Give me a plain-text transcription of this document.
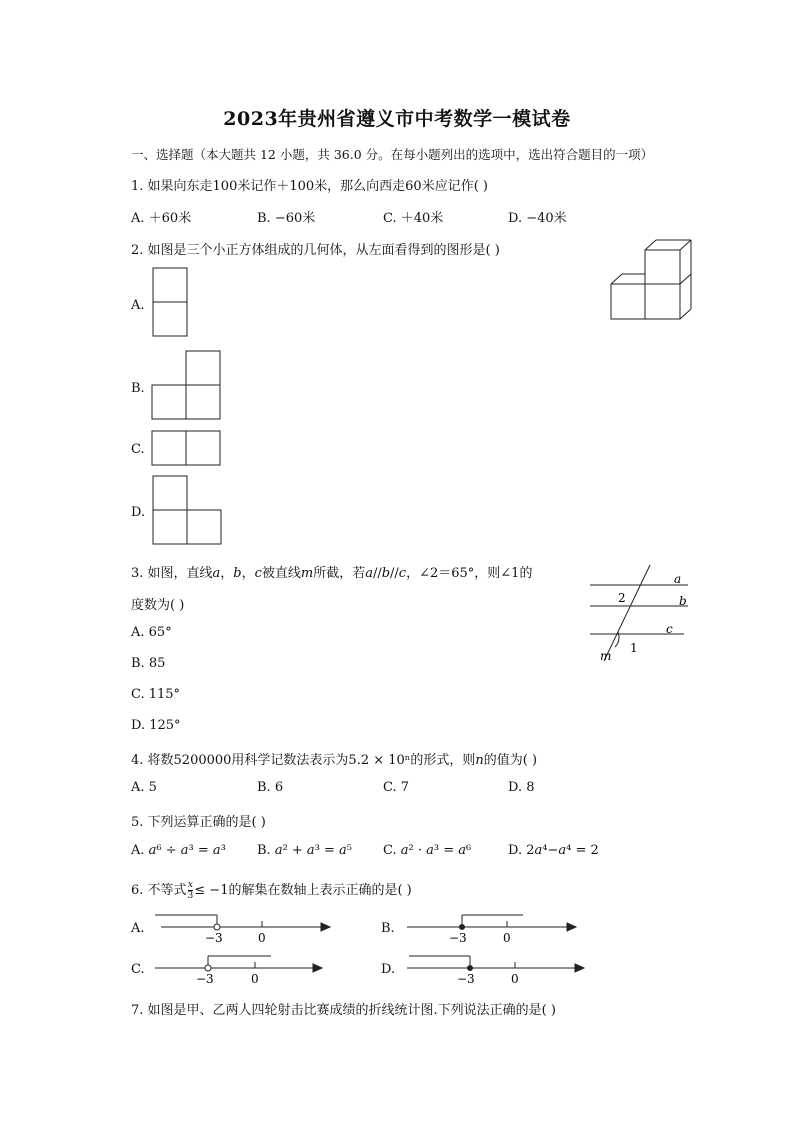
2023年贵州省遵义市中考数学一模试卷
一、选择题（本大题共 12 小题，共 36.0 分。在每小题列出的选项中，选出符合题目的一项）
1. 如果向东走100米记作＋100米，那么向西走60米应记作( )
A. ＋60米	B. −60米	C. ＋40米	D. −40米
2. 如图是三个小正方体组成的几何体，从左面看得到的图形是( )
A.
B.
C.
D.
3. 如图，直线𝑎，𝑏，𝑐被直线𝑚所截，若𝑎//𝑏//𝑐，∠2＝65°，则∠1的
度数为( )
a
b
c
m
2
1
A. 65°
B. 85
C. 115°
D. 125°
4. 将数5200000用科学记数法表示为5.2 × 10ⁿ的形式，则𝑛的值为( )
A. 5	B. 6	C. 7	D. 8
5. 下列运算正确的是( )
A. 𝑎⁶ ÷ 𝑎³ = 𝑎³ B. 𝑎² + 𝑎³ = 𝑎⁵ C. 𝑎² · 𝑎³ = 𝑎⁶	D. 2𝑎⁴−𝑎⁴ = 2
6. 不等式 𝑥
3 ≤ −1的解集在数轴上表示正确的是( )
A.
−3	0
B.
−3	0
C.
−3	0
D.
−3	0
7. 如图是甲、乙两人四轮射击比赛成绩的折线统计图.下列说法正确的是( )
